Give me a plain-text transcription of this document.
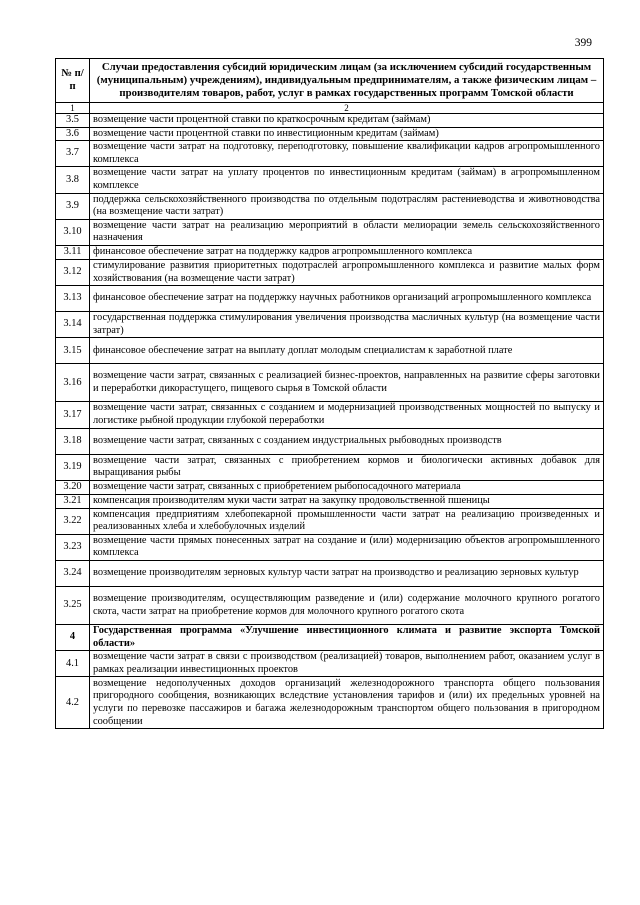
399
№ п/п	Случаи предоставления субсидий юридическим лицам (за исключением субсидий государственным (муниципальным) учреждениям), индивидуальным предпринимателям, а также физическим лицам – производителям товаров, работ, услуг в рамках государственных программ Томской области
1	2
3.5	возмещение части процентной ставки по краткосрочным кредитам (займам)
3.6	возмещение части процентной ставки по инвестиционным кредитам (займам)
3.7	возмещение части затрат на подготовку, переподготовку, повышение квалификации кадров агропромышленного комплекса
3.8	возмещение части затрат на уплату процентов по инвестиционным кредитам (займам) в агропромышленном комплексе
3.9	поддержка сельскохозяйственного производства по отдельным подотраслям растениеводства и животноводства (на возмещение части затрат)
3.10	возмещение части затрат на реализацию мероприятий в области мелиорации земель сельскохозяйственного назначения
3.11	финансовое обеспечение затрат на поддержку кадров агропромышленного комплекса
3.12	стимулирование развития приоритетных подотраслей агропромышленного комплекса и развитие малых форм хозяйствования (на возмещение части затрат)
3.13	финансовое обеспечение затрат на поддержку научных работников организаций агропромышленного комплекса
3.14	государственная поддержка стимулирования увеличения производства масличных культур (на возмещение части затрат)
3.15	финансовое обеспечение затрат на выплату доплат молодым специалистам к заработной плате
3.16	возмещение части затрат, связанных с реализацией бизнес-проектов, направленных на развитие сферы заготовки и переработки дикорастущего, пищевого сырья в Томской области
3.17	возмещение части затрат, связанных с созданием и модернизацией производственных мощностей по выпуску и логистике рыбной продукции глубокой переработки
3.18	возмещение части затрат, связанных с созданием индустриальных рыбоводных производств
3.19	возмещение части затрат, связанных с приобретением кормов и биологически активных добавок для выращивания рыбы
3.20	возмещение части затрат, связанных с приобретением рыбопосадочного материала
3.21	компенсация производителям муки части затрат на закупку продовольственной пшеницы
3.22	компенсация предприятиям хлебопекарной промышленности части затрат на реализацию произведенных и реализованных хлеба и хлебобулочных изделий
3.23	возмещение части прямых понесенных затрат на создание и (или) модернизацию объектов агропромышленного комплекса
3.24	возмещение производителям зерновых культур части затрат на производство и реализацию зерновых культур
3.25	возмещение производителям, осуществляющим разведение и (или) содержание молочного крупного рогатого скота, части затрат на приобретение кормов для молочного крупного рогатого скота
4	Государственная программа «Улучшение инвестиционного климата и развитие экспорта Томской области»
4.1	возмещение части затрат в связи с производством (реализацией) товаров, выполнением работ, оказанием услуг в рамках реализации инвестиционных проектов
4.2	возмещение недополученных доходов организаций железнодорожного транспорта общего пользования пригородного сообщения, возникающих вследствие установления тарифов и (или) их предельных уровней на услуги по перевозке пассажиров и багажа железнодорожным транспортом общего пользования в пригородном сообщении
